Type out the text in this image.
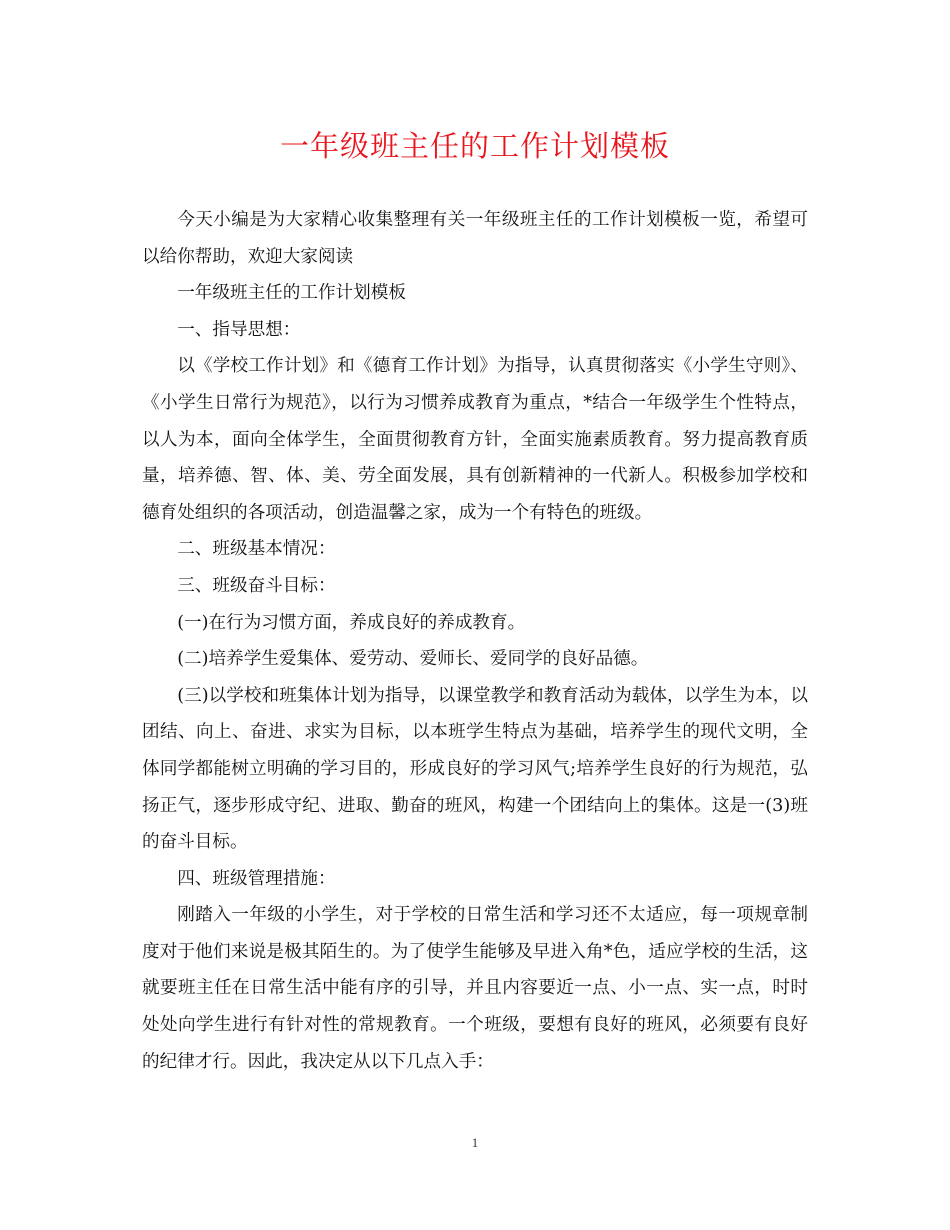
一年级班主任的工作计划模板

今天小编是为大家精心收集整理有关一年级班主任的工作计划模板一览，希望可以给你帮助，欢迎大家阅读

一年级班主任的工作计划模板

一、指导思想：

以《学校工作计划》和《德育工作计划》为指导，认真贯彻落实《小学生守则》、《小学生日常行为规范》，以行为习惯养成教育为重点，*结合一年级学生个性特点，以人为本，面向全体学生，全面贯彻教育方针，全面实施素质教育。努力提高教育质量，培养德、智、体、美、劳全面发展，具有创新精神的一代新人。积极参加学校和德育处组织的各项活动，创造温馨之家，成为一个有特色的班级。

二、班级基本情况：

三、班级奋斗目标：

(一)在行为习惯方面，养成良好的养成教育。

(二)培养学生爱集体、爱劳动、爱师长、爱同学的良好品德。

(三)以学校和班集体计划为指导，以课堂教学和教育活动为载体，以学生为本，以团结、向上、奋进、求实为目标，以本班学生特点为基础，培养学生的现代文明，全体同学都能树立明确的学习目的，形成良好的学习风气;培养学生良好的行为规范，弘扬正气，逐步形成守纪、进取、勤奋的班风，构建一个团结向上的集体。这是一(3)班的奋斗目标。

四、班级管理措施：

刚踏入一年级的小学生，对于学校的日常生活和学习还不太适应，每一项规章制度对于他们来说是极其陌生的。为了使学生能够及早进入角*色，适应学校的生活，这就要班主任在日常生活中能有序的引导，并且内容要近一点、小一点、实一点，时时处处向学生进行有针对性的常规教育。一个班级，要想有良好的班风，必须要有良好的纪律才行。因此，我决定从以下几点入手：

1
